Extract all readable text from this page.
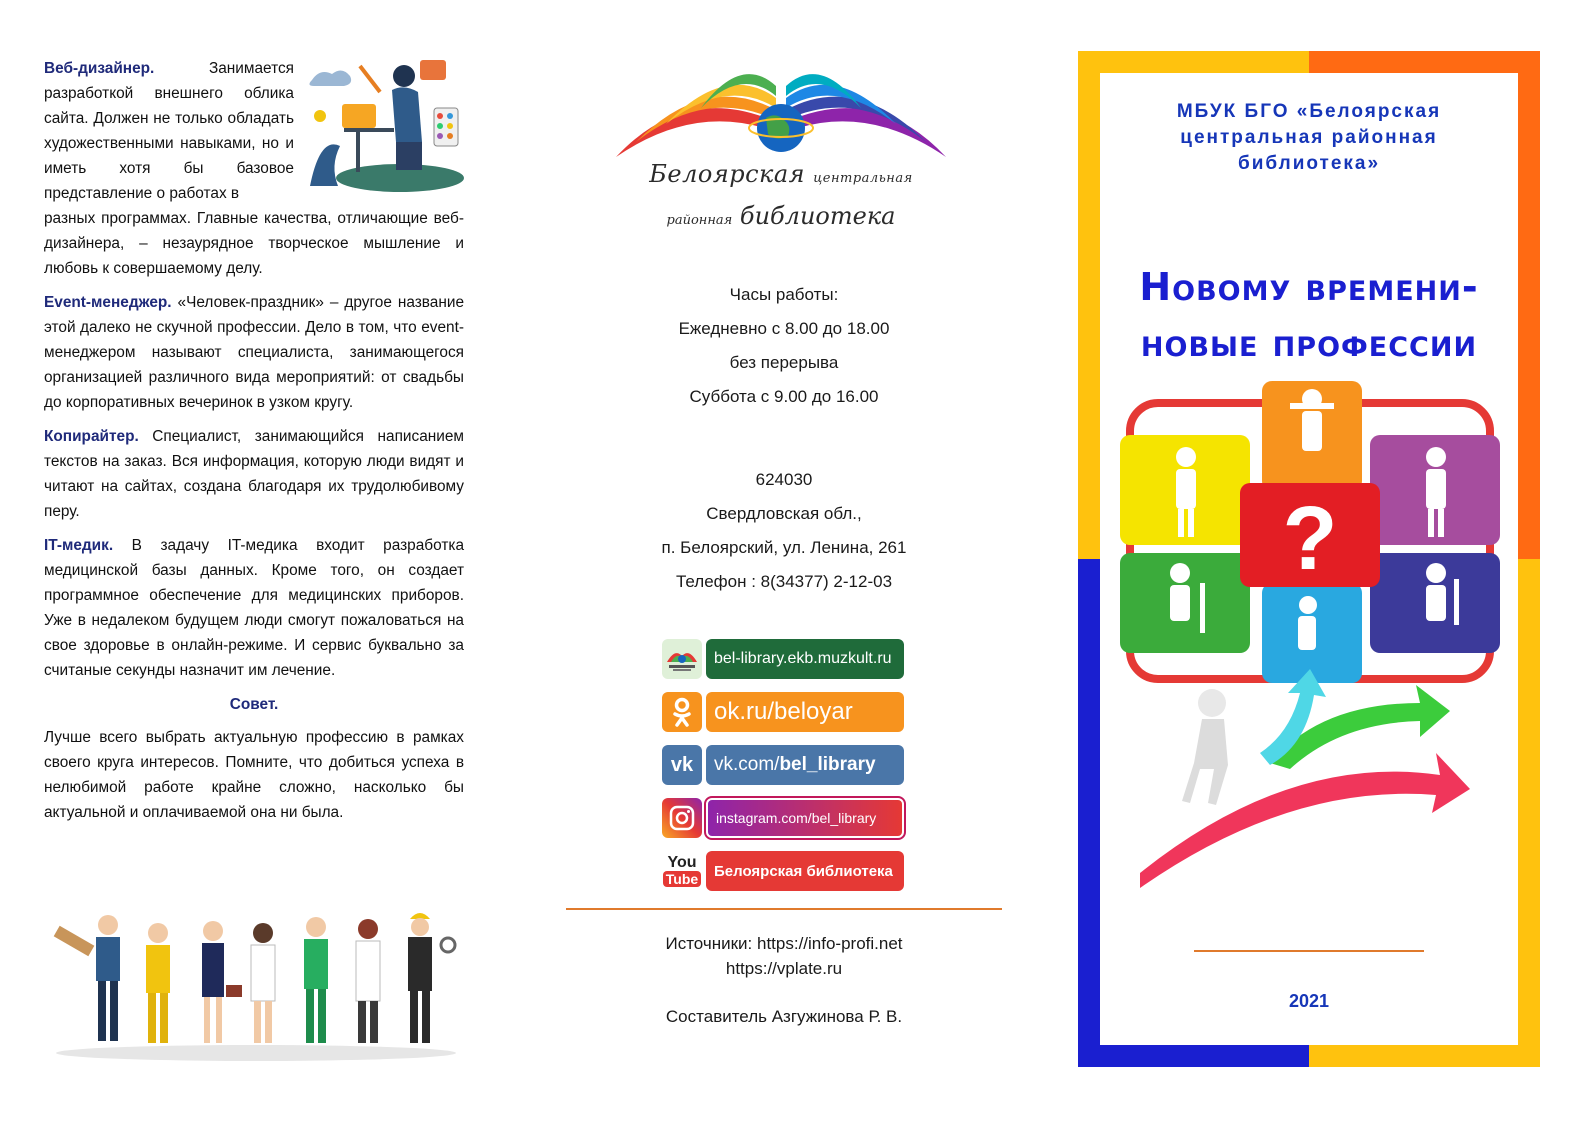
Веб-дизайнер.	Занимается разработкой внешнего облика сайта. Должен не только обладать художественными навыками, но и иметь хотя бы базовое представление о работах в

разных программах. Главные качества, отличающие веб-дизайнера, – незаурядное творческое мышление и любовь к совершаемому делу.

Event-менеджер. «Человек-праздник» – другое название этой далеко не скучной профессии. Дело в том, что event-менеджером называют специалиста, занимающегося организацией различного вида мероприятий: от свадьбы до корпоративных вечеринок в узком кругу.

Копирайтер. Специалист, занимающийся написанием текстов на заказ. Вся информация, которую люди видят и читают на сайтах, создана благодаря их трудолюбивому перу.

IT-медик. В задачу IT-медика входит разработка медицинской базы данных. Кроме того, он создает программное обеспечение для медицинских приборов. Уже в недалеком будущем люди смогут пожаловаться на свое здоровье в онлайн-режиме. И сервис буквально за считаные секунды назначит им лечение.

Совет.

Лучше всего выбрать актуальную профессию в рамках своего круга интересов. Помните, что добиться успеха в нелюбимой работе крайне сложно, насколько бы актуальной и оплачиваемой она ни была.

Белоярская центральная
районная библиотека
Часы работы:
Ежедневно с 8.00 до 18.00
без перерыва
Суббота с 9.00 до 16.00
624030
Свердловская обл.,
п. Белоярский, ул. Ленина, 261
Телефон : 8(34377) 2-12-03
bel-library.ekb.muzkult.ru
ok.ru/beloyar
vk vk.com/ bel_library
instagram.com/bel_library
You
Tube	Белоярская библиотека
Источники: https://info-profi.net
https://vplate.ru
Составитель Азгужинова Р. В.
МБУК БГО «Белоярская
центральная районная
библиотека»
Новому времени-
новые профессии
?
2021
